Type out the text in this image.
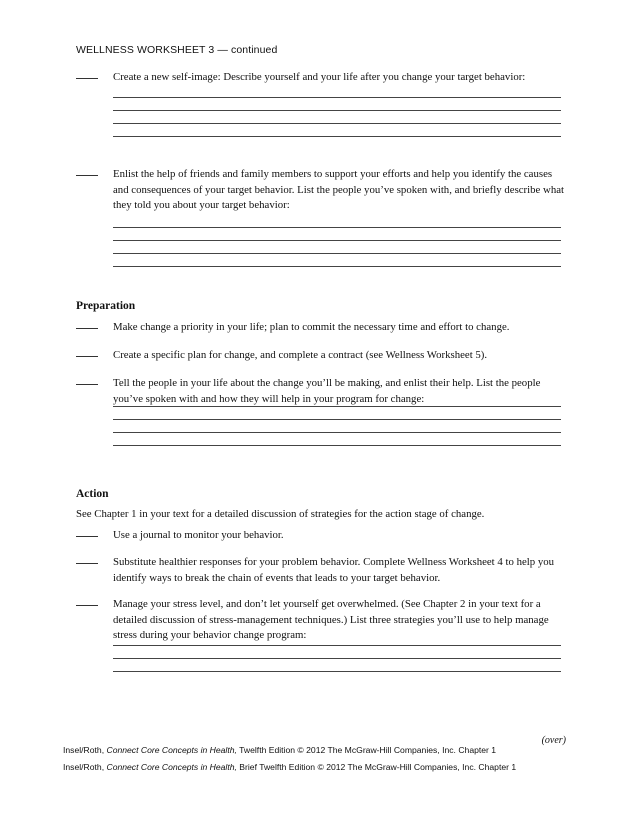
WELLNESS WORKSHEET 3 — continued
Create a new self-image: Describe yourself and your life after you change your target behavior:
Enlist the help of friends and family members to support your efforts and help you identify the causes and consequences of your target behavior. List the people you’ve spoken with, and briefly describe what they told you about your target behavior:
Preparation
Make change a priority in your life; plan to commit the necessary time and effort to change.
Create a specific plan for change, and complete a contract (see Wellness Worksheet 5).
Tell the people in your life about the change you’ll be making, and enlist their help. List the people you’ve spoken with and how they will help in your program for change:
Action
See Chapter 1 in your text for a detailed discussion of strategies for the action stage of change.
Use a journal to monitor your behavior.
Substitute healthier responses for your problem behavior. Complete Wellness Worksheet 4 to help you identify ways to break the chain of events that leads to your target behavior.
Manage your stress level, and don’t let yourself get overwhelmed. (See Chapter 2 in your text for a detailed discussion of stress-management techniques.) List three strategies you’ll use to help manage stress during your behavior change program:
(over)
Insel/Roth, Connect Core Concepts in Health, Twelfth Edition © 2012 The McGraw-Hill Companies, Inc. Chapter 1
Insel/Roth, Connect Core Concepts in Health, Brief Twelfth Edition © 2012 The McGraw-Hill Companies, Inc. Chapter 1
